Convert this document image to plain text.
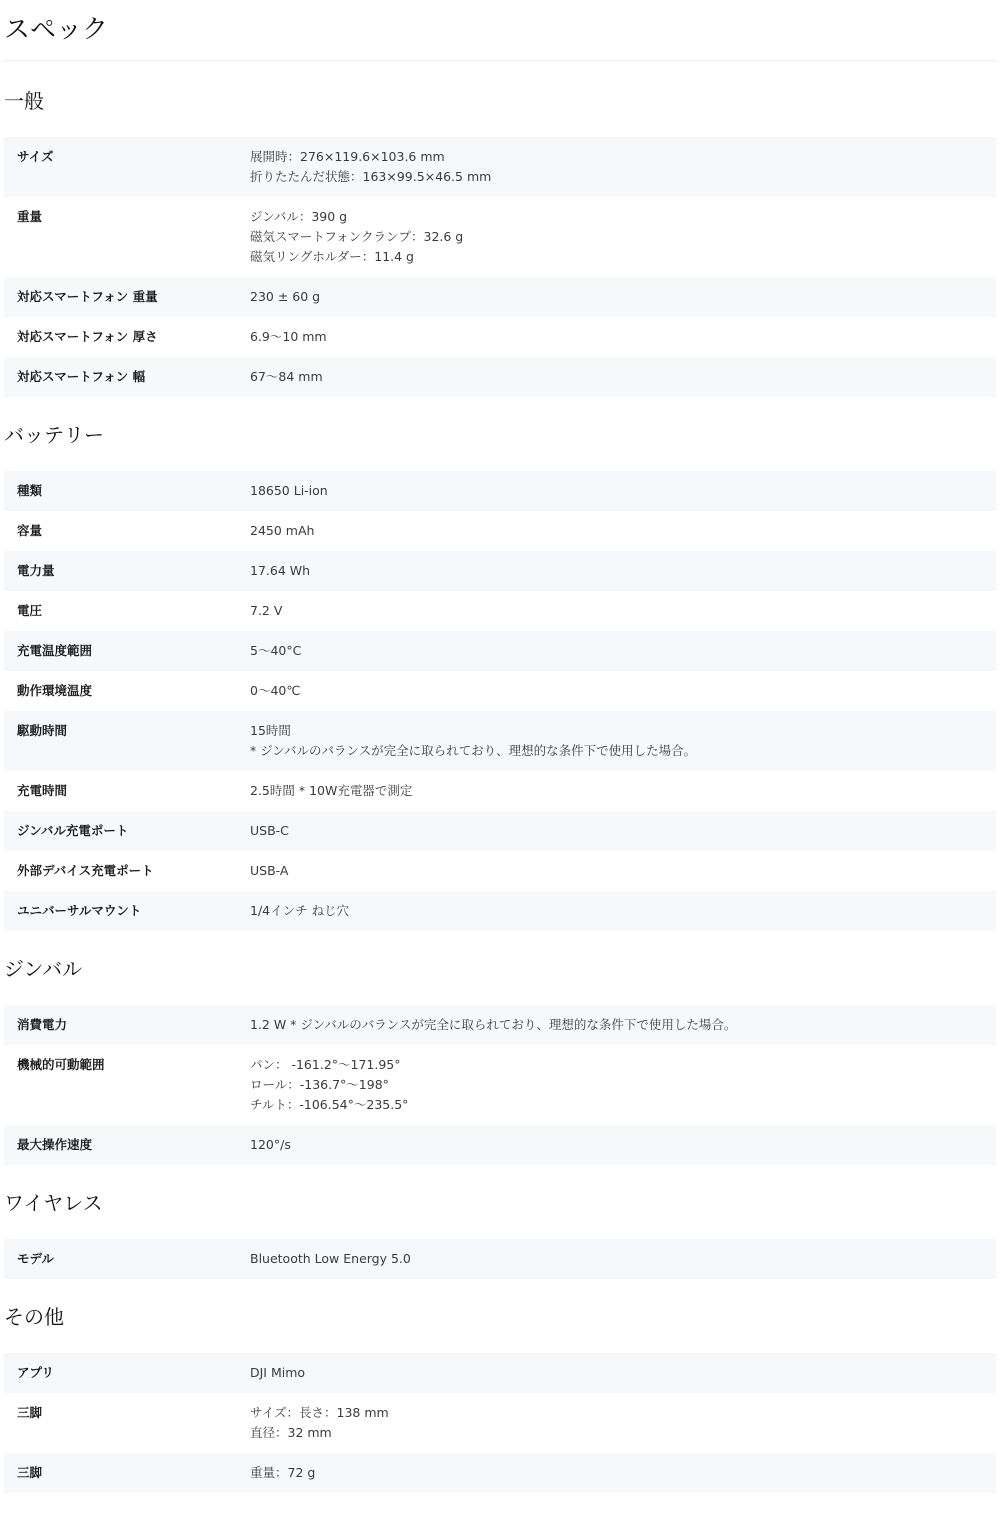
スペック
一般
サイズ	展開時：276×119.6×103.6 mm
折りたたんだ状態：163×99.5×46.5 mm
重量	ジンバル：390 g
磁気スマートフォンクランプ：32.6 g
磁気リングホルダー：11.4 g
対応スマートフォン 重量	230 ± 60 g
対応スマートフォン 厚さ	6.9〜10 mm
対応スマートフォン 幅	67〜84 mm
バッテリー
種類	18650 Li-ion
容量	2450 mAh
電力量	17.64 Wh
電圧	7.2 V
充電温度範囲	5〜40°C
動作環境温度	0〜40℃
駆動時間	15時間
* ジンバルのバランスが完全に取られており、理想的な条件下で使用した場合。
充電時間	2.5時間 * 10W充電器で測定
ジンバル充電ポート	USB-C
外部デバイス充電ポート	USB-A
ユニバーサルマウント	1/4インチ ねじ穴
ジンバル
消費電力	1.2 W * ジンバルのバランスが完全に取られており、理想的な条件下で使用した場合。
機械的可動範囲	パン： -161.2°〜171.95°
ロール：-136.7°〜198°
チルト：-106.54°〜235.5°
最大操作速度	120°/s
ワイヤレス
モデル	Bluetooth Low Energy 5.0
その他
アプリ	DJI Mimo
三脚	サイズ：長さ：138 mm
直径：32 mm
三脚	重量：72 g
